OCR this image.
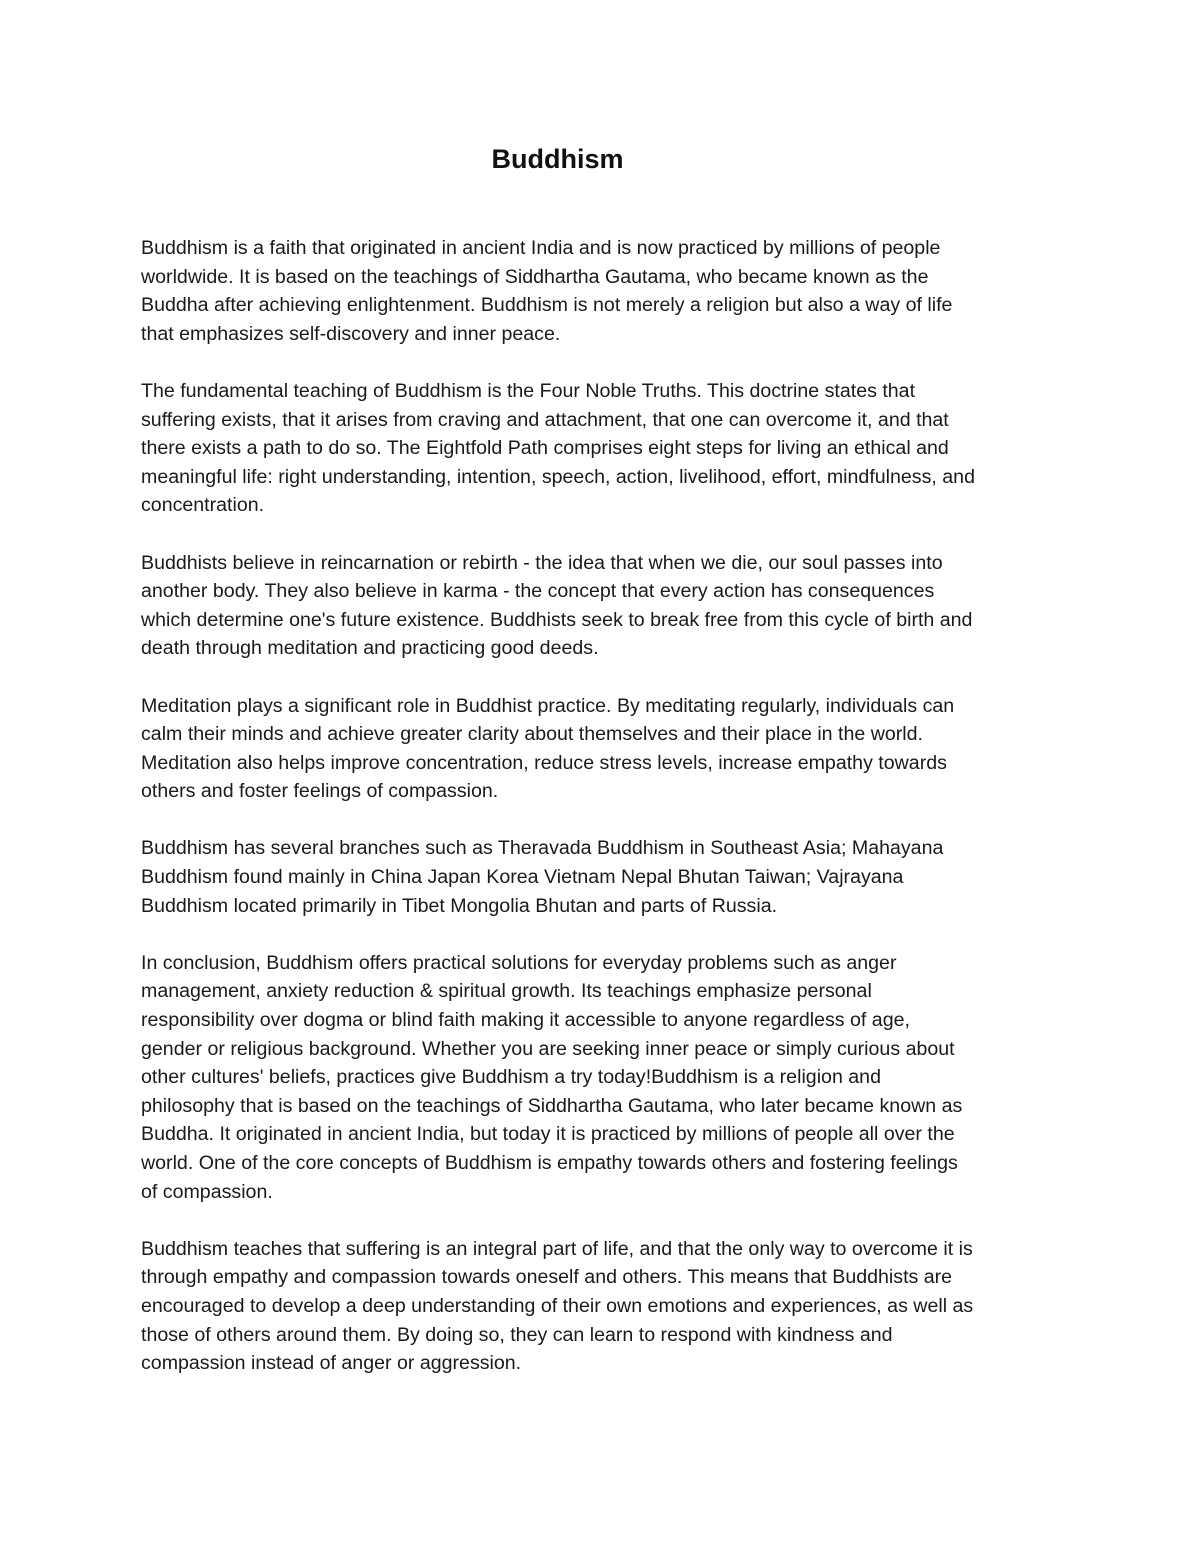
Buddhism

Buddhism is a faith that originated in ancient India and is now practiced by millions of people
worldwide. It is based on the teachings of Siddhartha Gautama, who became known as the
Buddha after achieving enlightenment. Buddhism is not merely a religion but also a way of life
that emphasizes self-discovery and inner peace.

The fundamental teaching of Buddhism is the Four Noble Truths. This doctrine states that
suffering exists, that it arises from craving and attachment, that one can overcome it, and that
there exists a path to do so. The Eightfold Path comprises eight steps for living an ethical and
meaningful life: right understanding, intention, speech, action, livelihood, effort, mindfulness, and
concentration.

Buddhists believe in reincarnation or rebirth - the idea that when we die, our soul passes into
another body. They also believe in karma - the concept that every action has consequences
which determine one's future existence. Buddhists seek to break free from this cycle of birth and
death through meditation and practicing good deeds.

Meditation plays a significant role in Buddhist practice. By meditating regularly, individuals can
calm their minds and achieve greater clarity about themselves and their place in the world.
Meditation also helps improve concentration, reduce stress levels, increase empathy towards
others and foster feelings of compassion.

Buddhism has several branches such as Theravada Buddhism in Southeast Asia; Mahayana
Buddhism found mainly in China Japan Korea Vietnam Nepal Bhutan Taiwan; Vajrayana
Buddhism located primarily in Tibet Mongolia Bhutan and parts of Russia.

In conclusion, Buddhism offers practical solutions for everyday problems such as anger
management, anxiety reduction & spiritual growth. Its teachings emphasize personal
responsibility over dogma or blind faith making it accessible to anyone regardless of age,
gender or religious background. Whether you are seeking inner peace or simply curious about
other cultures' beliefs, practices give Buddhism a try today!Buddhism is a religion and
philosophy that is based on the teachings of Siddhartha Gautama, who later became known as
Buddha. It originated in ancient India, but today it is practiced by millions of people all over the
world. One of the core concepts of Buddhism is empathy towards others and fostering feelings
of compassion.

Buddhism teaches that suffering is an integral part of life, and that the only way to overcome it is
through empathy and compassion towards oneself and others. This means that Buddhists are
encouraged to develop a deep understanding of their own emotions and experiences, as well as
those of others around them. By doing so, they can learn to respond with kindness and
compassion instead of anger or aggression.
